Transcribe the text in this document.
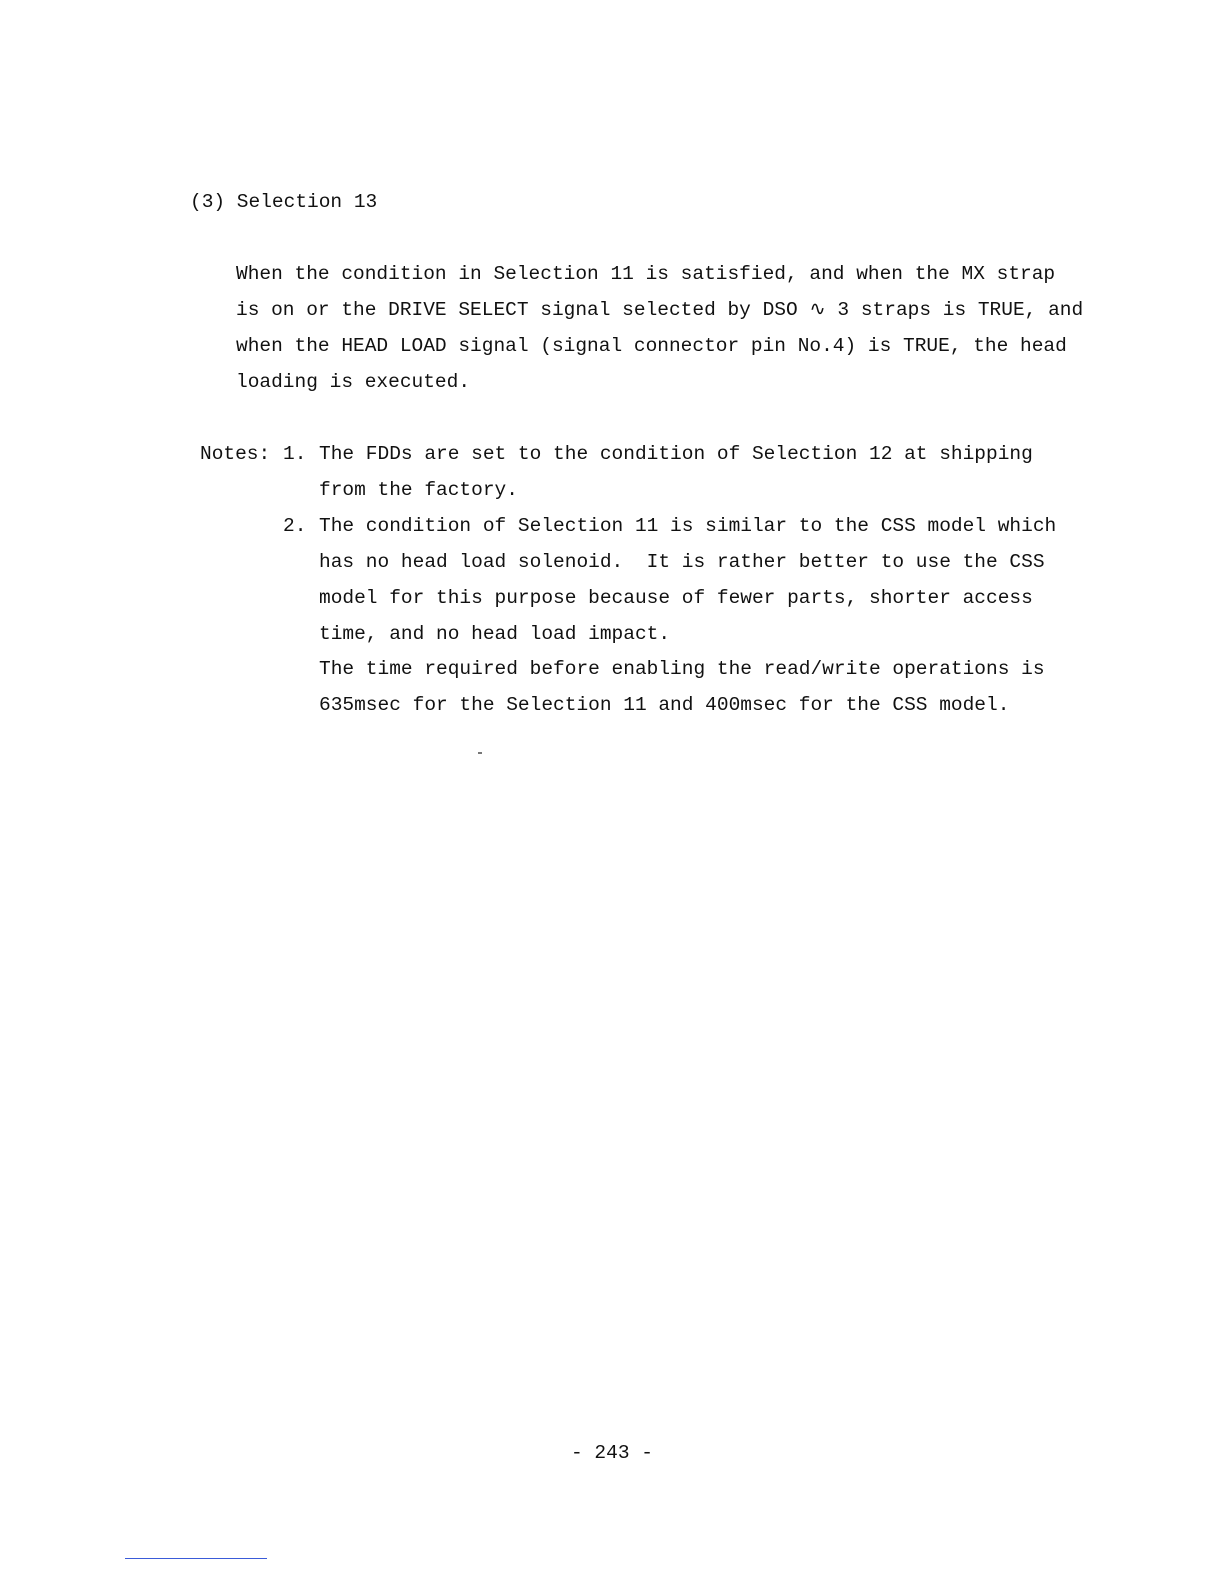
(3) Selection 13
When the condition in Selection 11 is satisfied, and when the MX strap
is on or the DRIVE SELECT signal selected by DSO ∿ 3 straps is TRUE, and
when the HEAD LOAD signal (signal connector pin No.4) is TRUE, the head
loading is executed.
Notes: 1. The FDDs are set to the condition of Selection 12 at shipping
from the factory.
2. The condition of Selection 11 is similar to the CSS model which
has no head load solenoid.  It is rather better to use the CSS
model for this purpose because of fewer parts, shorter access
time, and no head load impact.
The time required before enabling the read/write operations is
635msec for the Selection 11 and 400msec for the CSS model.
- 243 -
